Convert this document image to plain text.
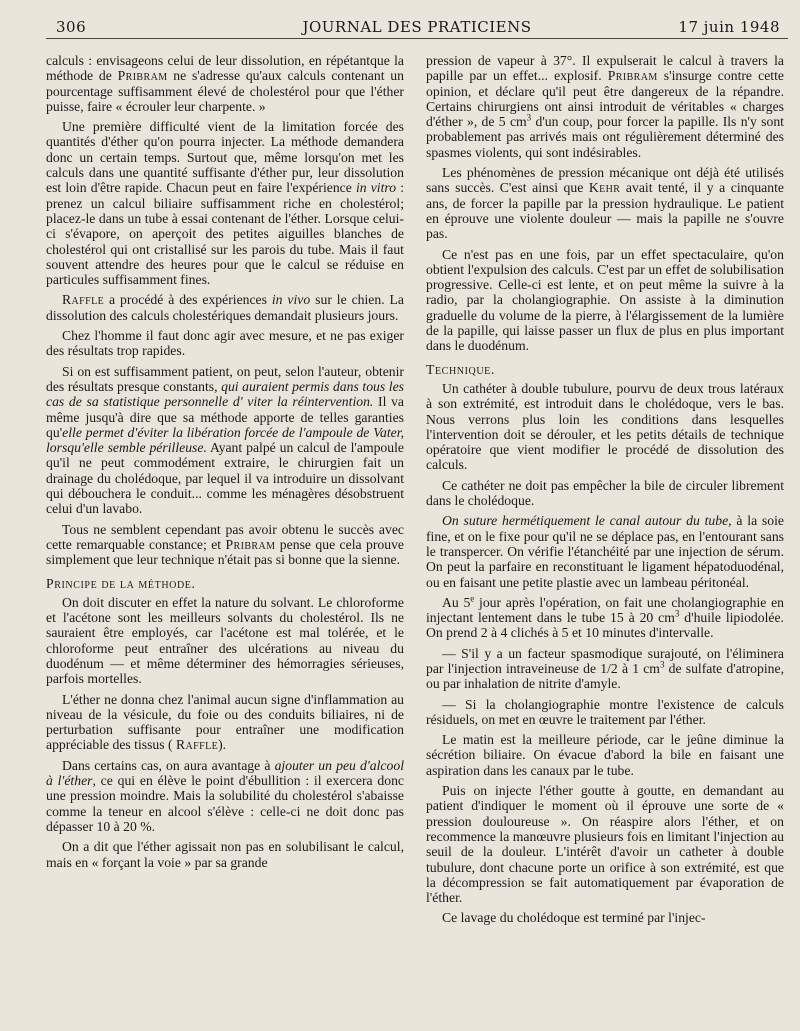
306	JOURNAL DES PRATICIENS	17 juin 1948

calculs : envisageons celui de leur dissolution, en répétantque la méthode de Pribram ne s'adresse qu'aux calculs contenant un pourcentage suffisamment élevé de cholestérol pour que l'éther puisse, faire « écrouler leur charpente. »

Une première difficulté vient de la limitation forcée des quantités d'éther qu'on pourra injecter. La méthode demandera donc un certain temps. Surtout que, même lorsqu'on met les calculs dans une quantité suffisante d'éther pur, leur dissolution est loin d'être rapide. Chacun peut en faire l'expérience in vitro : prenez un calcul biliaire suffisamment riche en cholestérol; placez-le dans un tube à essai contenant de l'éther. Lorsque celui-ci s'évapore, on aperçoit des petites aiguilles blanches de cholestérol qui ont cristallisé sur les parois du tube. Mais il faut souvent attendre des heures pour que le calcul se réduise en particules suffisamment fines.

Raffle a procédé à des expériences in vivo sur le chien. La dissolution des calculs cholestériques demandait plusieurs jours.

Chez l'homme il faut donc agir avec mesure, et ne pas exiger des résultats trop rapides.

Si on est suffisamment patient, on peut, selon l'auteur, obtenir des résultats presque constants, qui auraient permis dans tous les cas de sa statistique personnelle d' viter la réintervention. Il va même jusqu'à dire que sa méthode apporte de telles garanties qu'elle permet d'éviter la libération forcée de l'ampoule de Vater, lorsqu'elle semble périlleuse. Ayant palpé un calcul de l'ampoule qu'il ne peut commodément extraire, le chirurgien fait un drainage du cholédoque, par lequel il va introduire un dissolvant qui débouchera le conduit... comme les ménagères désobstruent celui d'un lavabo.

Tous ne semblent cependant pas avoir obtenu le succès avec cette remarquable constance; et Pribram pense que cela prouve simplement que leur technique n'était pas si bonne que la sienne.

Principe de la méthode.

On doit discuter en effet la nature du solvant. Le chloroforme et l'acétone sont les meilleurs solvants du cholestérol. Ils ne sauraient être employés, car l'acétone est mal tolérée, et le chloroforme peut entraîner des ulcérations au niveau du duodénum — et même déterminer des hémorragies sérieuses, parfois mortelles.

L'éther ne donna chez l'animal aucun signe d'inflammation au niveau de la vésicule, du foie ou des conduits biliaires, ni de perturbation suffisante pour entraîner une modification appréciable des tissus ( Raffle).

Dans certains cas, on aura avantage à ajouter un peu d'alcool à l'éther, ce qui en élève le point d'ébullition : il exercera donc une pression moindre. Mais la solubilité du cholestérol s'abaisse comme la teneur en alcool s'élève : celle-ci ne doit donc pas dépasser 10 à 20 %.

On a dit que l'éther agissait non pas en solubilisant le calcul, mais en « forçant la voie » par sa grande

pression de vapeur à 37°. Il expulserait le calcul à travers la papille par un effet... explosif. Pribram s'insurge contre cette opinion, et déclare qu'il peut être dangereux de la répandre. Certains chirurgiens ont ainsi introduit de véritables « charges d'éther », de 5 $cm^3$ d'un coup, pour forcer la papille. Ils n'y sont probablement pas arrivés mais ont régulièrement déterminé des spasmes violents, qui sont indésirables.

Les phénomènes de pression mécanique ont déjà été utilisés sans succès. C'est ainsi que Kehr avait tenté, il y a cinquante ans, de forcer la papille par la pression hydraulique. Le patient en éprouve une violente douleur — mais la papille ne s'ouvre pas.

Ce n'est pas en une fois, par un effet spectaculaire, qu'on obtient l'expulsion des calculs. C'est par un effet de solubilisation progressive. Celle-ci est lente, et on peut même la suivre à la radio, par la cholangiographie. On assiste à la diminution graduelle du volume de la pierre, à l'élargissement de la lumière de la papille, qui laisse passer un flux de plus en plus important dans le duodénum.

Technique.

Un cathéter à double tubulure, pourvu de deux trous latéraux à son extrémité, est introduit dans le cholédoque, vers le bas. Nous verrons plus loin les conditions dans lesquelles l'intervention doit se dérouler, et les petits détails de technique opératoire que vient modifier le procédé de dissolution des calculs.

Ce cathéter ne doit pas empêcher la bile de circuler librement dans le cholédoque.

On suture hermétiquement le canal autour du tube, à la soie fine, et on le fixe pour qu'il ne se déplace pas, en l'entourant sans le transpercer. On vérifie l'étanchéité par une injection de sérum. On peut la parfaire en reconstituant le ligament hépatoduodénal, ou en faisant une petite plastie avec un lambeau péritonéal.

Au 5e jour après l'opération, on fait une cholangiographie en injectant lentement dans le tube 15 à 20 $cm^3$ d'huile lipiodolée. On prend 2 à 4 clichés à 5 et 10 minutes d'intervalle.

— S'il y a un facteur spasmodique surajouté, on l'éliminera par l'injection intraveineuse de 1/2 à 1 $cm^3$ de sulfate d'atropine, ou par inhalation de nitrite d'amyle.

— Si la cholangiographie montre l'existence de calculs résiduels, on met en œuvre le traitement par l'éther.

Le matin est la meilleure période, car le jeûne diminue la sécrétion biliaire. On évacue d'abord la bile en faisant une aspiration dans les canaux par le tube.

Puis on injecte l'éther goutte à goutte, en demandant au patient d'indiquer le moment où il éprouve une sorte de « pression douloureuse ». On réaspire alors l'éther, et on recommence la manœuvre plusieurs fois en limitant l'injection au seuil de la douleur. L'intérêt d'avoir un catheter à double tubulure, dont chacune porte un orifice à son extrémité, est que la décompression se fait automatiquement par évaporation de l'éther.

Ce lavage du cholédoque est terminé par l'injec-
